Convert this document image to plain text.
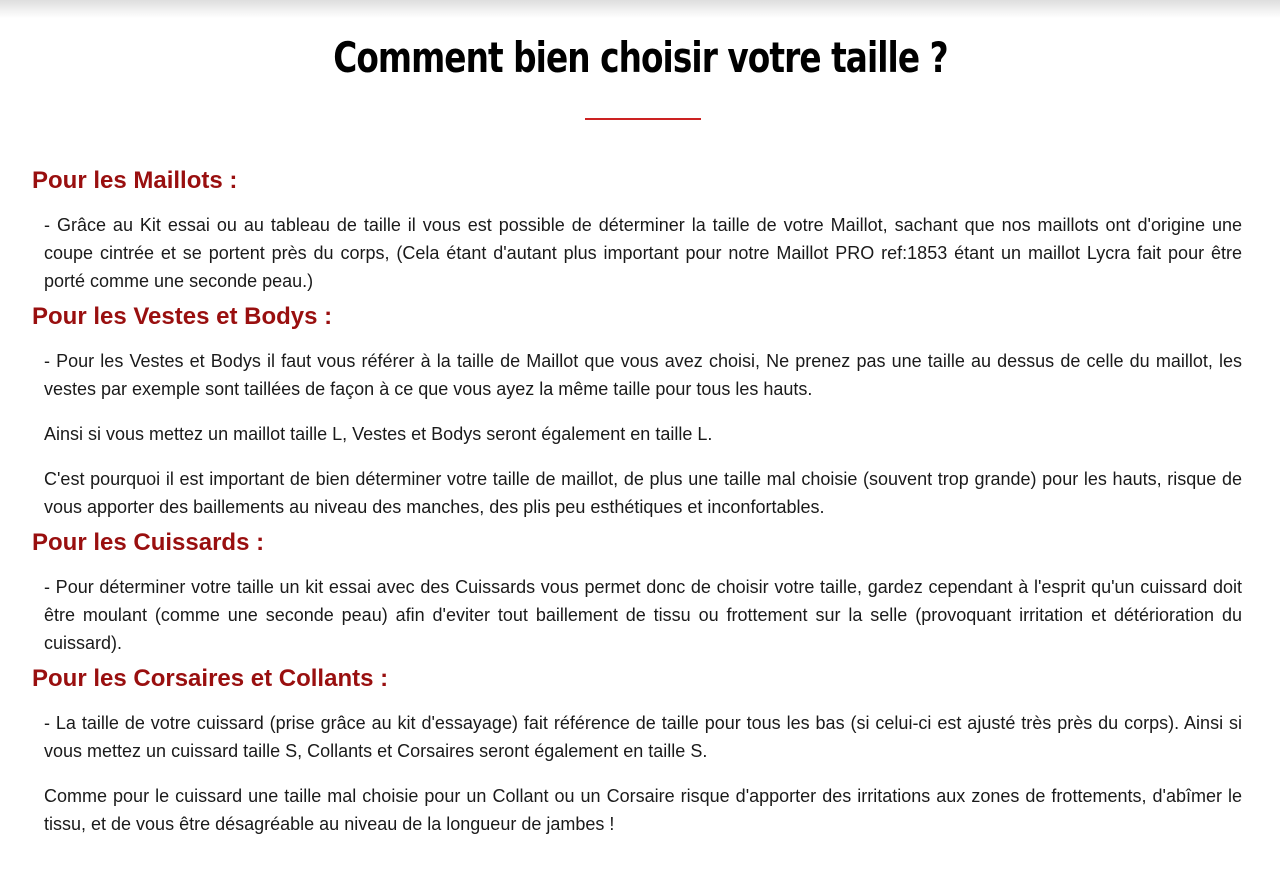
Comment bien choisir votre taille ?
Pour les Maillots :

- Grâce au Kit essai ou au tableau de taille il vous est possible de déterminer la taille de votre Maillot, sachant que nos maillots ont d'origine une coupe cintrée et se portent près du corps, (Cela étant d'autant plus important pour notre Maillot PRO ref:1853 étant un maillot Lycra fait pour être porté comme une seconde peau.)

Pour les Vestes et Bodys :

- Pour les Vestes et Bodys il faut vous référer à la taille de Maillot que vous avez choisi, Ne prenez pas une taille au dessus de celle du maillot, les vestes par exemple sont taillées de façon à ce que vous ayez la même taille pour tous les hauts.

Ainsi si vous mettez un maillot taille L, Vestes et Bodys seront également en taille L.

C'est pourquoi il est important de bien déterminer votre taille de maillot, de plus une taille mal choisie (souvent trop grande) pour les hauts, risque de vous apporter des baillements au niveau des manches, des plis peu esthétiques et inconfortables.

Pour les Cuissards :

- Pour déterminer votre taille un kit essai avec des Cuissards vous permet donc de choisir votre taille, gardez cependant à l'esprit qu'un cuissard doit être moulant (comme une seconde peau) afin d'eviter tout baillement de tissu ou frottement sur la selle (provoquant irritation et détérioration du cuissard).

Pour les Corsaires et Collants :

- La taille de votre cuissard (prise grâce au kit d'essayage) fait référence de taille pour tous les bas (si celui-ci est ajusté très près du corps). Ainsi si vous mettez un cuissard taille S, Collants et Corsaires seront également en taille S.

Comme pour le cuissard une taille mal choisie pour un Collant ou un Corsaire risque d'apporter des irritations aux zones de frottements, d'abîmer le tissu, et de vous être désagréable au niveau de la longueur de jambes !
